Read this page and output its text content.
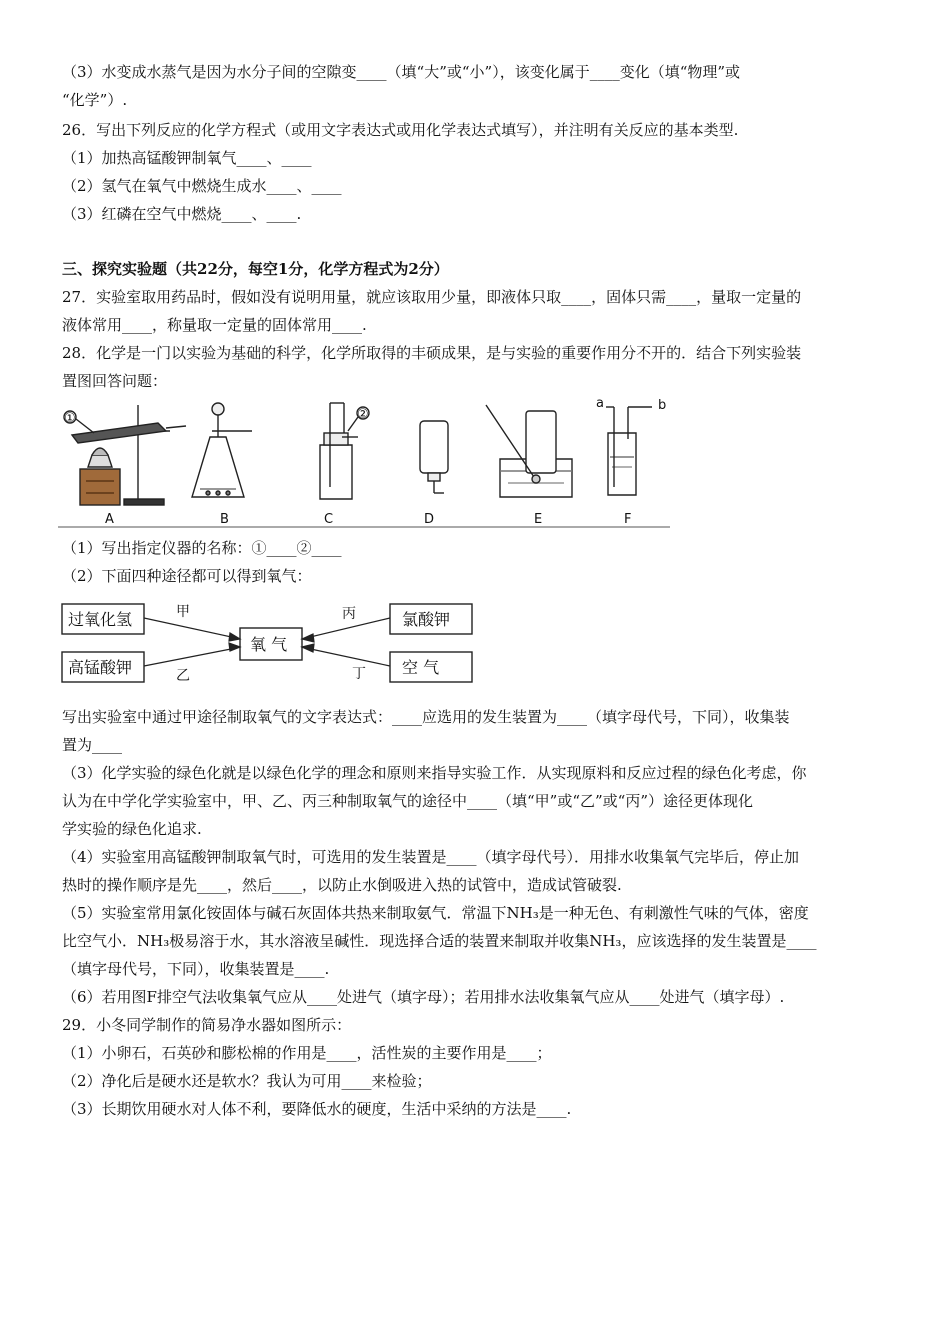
（3）水变成水蒸气是因为水分子间的空隙变____（填“大”或“小”），该变化属于____变化（填“物理”或
“化学”）.
26．写出下列反应的化学方程式（或用文字表达式或用化学表达式填写），并注明有关反应的基本类型.
（1）加热高锰酸钾制氧气____、____
（2）氢气在氧气中燃烧生成水____、____
（3）红磷在空气中燃烧____、____.
三、探究实验题（共22分，每空1分，化学方程式为2分）
27．实验室取用药品时，假如没有说明用量，就应该取用少量，即液体只取____，固体只需____，量取一定量的
液体常用____，称量取一定量的固体常用____.
28．化学是一门以实验为基础的科学，化学所取得的丰硕成果，是与实验的重要作用分不开的．结合下列实验装
置图回答问题：
①	②
a	b
A	B	C	D	E	F
（1）写出指定仪器的名称：①____②____
（2）下面四种途径都可以得到氧气：
过氧化氢
高锰酸钾
氧 气
氯酸钾
空 气
甲
乙
丙
丁
写出实验室中通过甲途径制取氧气的文字表达式：____应选用的发生装置为____（填字母代号，下同），收集装
置为____
（3）化学实验的绿色化就是以绿色化学的理念和原则来指导实验工作．从实现原料和反应过程的绿色化考虑，你
认为在中学化学实验室中，甲、乙、丙三种制取氧气的途径中____（填“甲”或“乙”或“丙”）途径更体现化
学实验的绿色化追求.
（4）实验室用高锰酸钾制取氧气时，可选用的发生装置是____（填字母代号）．用排水收集氧气完毕后，停止加
热时的操作顺序是先____，然后____，以防止水倒吸进入热的试管中，造成试管破裂.
（5）实验室常用氯化铵固体与碱石灰固体共热来制取氨气．常温下NH₃是一种无色、有刺激性气味的气体，密度
比空气小．NH₃极易溶于水，其水溶液呈碱性．现选择合适的装置来制取并收集NH₃，应该选择的发生装置是____
（填字母代号，下同），收集装置是____.
（6）若用图F排空气法收集氧气应从____处进气（填字母）；若用排水法收集氧气应从____处进气（填字母）.
29．小冬同学制作的简易净水器如图所示：
（1）小卵石，石英砂和膨松棉的作用是____，活性炭的主要作用是____；
（2）净化后是硬水还是软水？我认为可用____来检验；
（3）长期饮用硬水对人体不利，要降低水的硬度，生活中采纳的方法是____.
